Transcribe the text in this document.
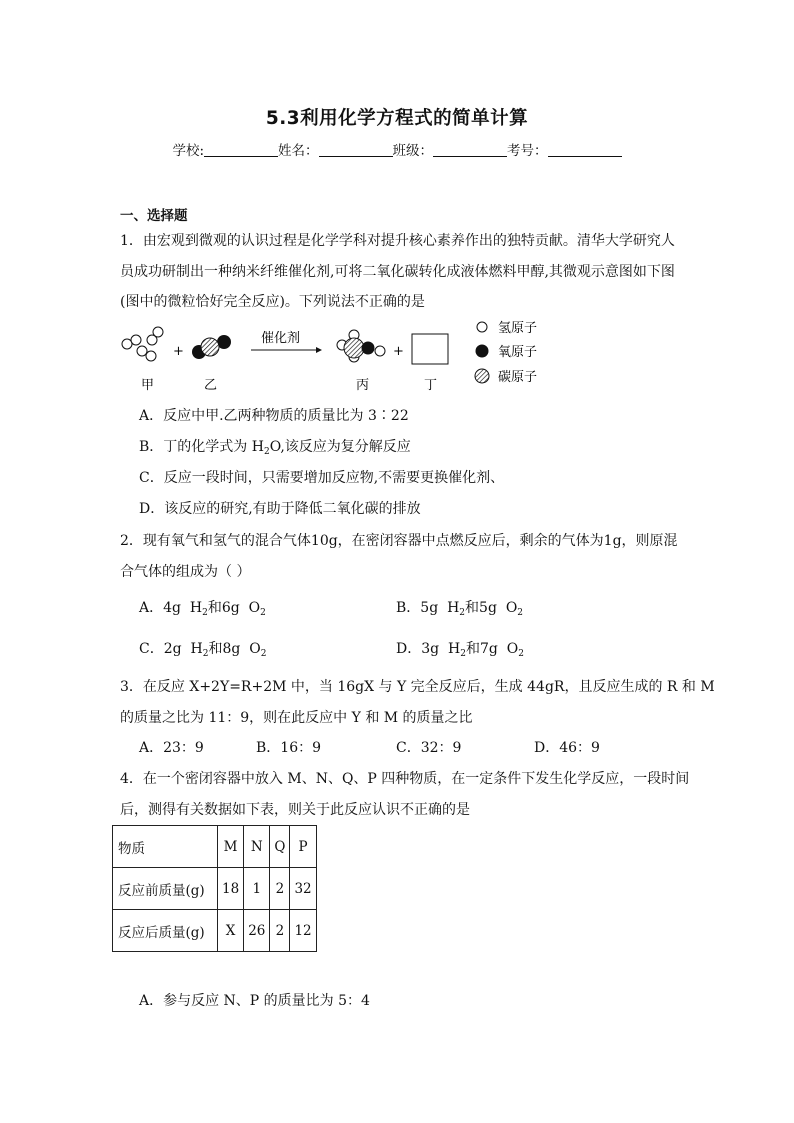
5.3利用化学方程式的简单计算
学校:	姓名：	班级：	考号：
一、选择题
1．由宏观到微观的认识过程是化学学科对提升核心素养作出的独特贡献。清华大学研究人
员成功研制出一种纳米纤维催化剂,可将二氧化碳转化成液体燃料甲醇,其微观示意图如下图
(图中的微粒恰好完全反应)。下列说法不正确的是
+
催化剂
+
甲	乙	丙	丁
氢原子
氧原子
碳原子
A．反应中甲.乙两种物质的质量比为 3∶22
B．丁的化学式为 $H_2O$,该反应为复分解反应
C．反应一段时间，只需要增加反应物,不需要更换催化剂、
D．该反应的研究,有助于降低二氧化碳的排放
2．现有氧气和氢气的混合气体10g，在密闭容器中点燃反应后，剩余的气体为1g，则原混
合气体的组成为（ ）
A．4g $H_2$和6g $O_2$	B．5g $H_2$和5g $O_2$
C．2g $H_2$和8g $O_2$	D．3g $H_2$和7g $O_2$
3．在反应 X+2Y=R+2M 中，当 16gX 与 Y 完全反应后，生成 44gR，且反应生成的 R 和 M
的质量之比为 11：9，则在此反应中 Y 和 M 的质量之比
A．23：9	B．16：9	C．32：9	D．46：9
4．在一个密闭容器中放入 M、N、Q、P 四种物质，在一定条件下发生化学反应，一段时间
后，测得有关数据如下表，则关于此反应认识不正确的是
物质	M	N	Q	P
反应前质量(g)	18	1	2	32
反应后质量(g)	X	26	2	12
A．参与反应 N、P 的质量比为 5：4
